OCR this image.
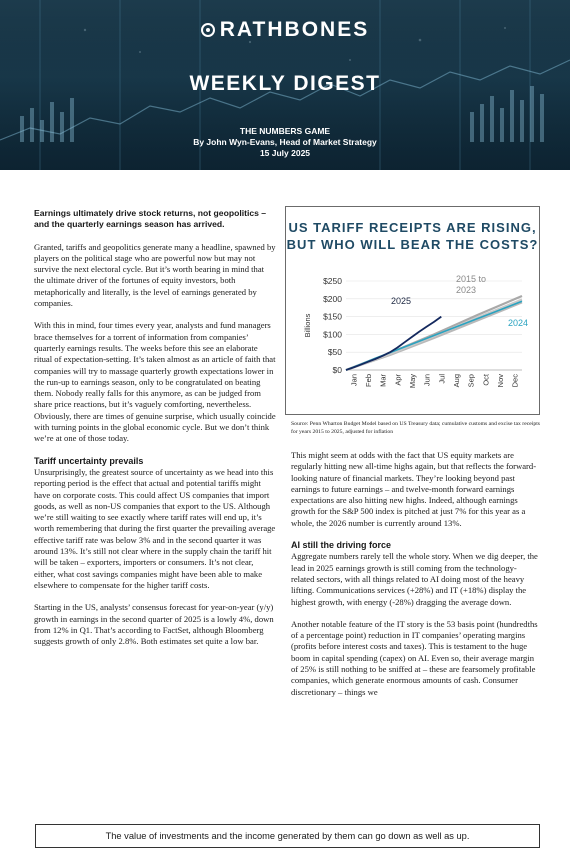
RATHBONES
WEEKLY DIGEST
THE NUMBERS GAME
By John Wyn-Evans, Head of Market Strategy
15 July 2025

Earnings ultimately drive stock returns, not geopolitics – and the quarterly earnings season has arrived.

Granted, tariffs and geopolitics generate many a headline, spawned by players on the political stage who are powerful now but may not survive the next electoral cycle. But it’s worth bearing in mind that the ultimate driver of the fortunes of equity investors, both metaphorically and literally, is the level of earnings generated by companies.

With this in mind, four times every year, analysts and fund managers brace themselves for a torrent of information from companies’ quarterly earnings results. The weeks before this see an elaborate ritual of expectation-setting. It’s taken almost as an article of faith that companies will try to massage quarterly growth expectations lower in the run-up to earnings season, only to be congratulated on beating them. Nobody really falls for this anymore, as can be judged from share price reactions, but it’s vaguely comforting, nevertheless. Obviously, there are times of genuine surprise, which usually coincide with turning points in the global economic cycle. But we don’t think we’re at one of those today.

Tariff uncertainty prevails

Unsurprisingly, the greatest source of uncertainty as we head into this reporting period is the effect that actual and potential tariffs might have on corporate costs. This could affect US companies that import goods, as well as non-US companies that export to the US. Although we’re still waiting to see exactly where tariff rates will end up, it’s worth remembering that during the first quarter the prevailing average effective tariff rate was below 3% and in the second quarter it was around 13%. It’s still not clear where in the supply chain the tariff hit will be taken – exporters, importers or consumers. It’s not clear, either, what cost savings companies might have been able to make elsewhere to compensate for the higher tariff costs.

Starting in the US, analysts’ consensus forecast for year-on-year (y/y) growth in earnings in the second quarter of 2025 is a lowly 4%, down from 12% in Q1. That’s according to FactSet, although Bloomberg suggests growth of only 2.8%. Both estimates set quite a low bar.

US TARIFF RECEIPTS ARE RISING, BUT WHO WILL BEAR THE COSTS?
$0
$50
$100
$150
$200
$250
Jan Feb Mar Apr May Jun Jul Aug Sep Oct Nov Dec
Billions
2015 to
2023
2025
2024
Source: Penn Wharton Budget Model based on US Treasury data; cumulative customs and excise tax receipts for years 2015 to 2025, adjusted for inflation

This might seem at odds with the fact that US equity markets are regularly hitting new all-time highs again, but that reflects the forward-looking nature of financial markets. They’re looking beyond past earnings to future earnings – and twelve-month forward earnings expectations are also hitting new highs. Indeed, although earnings growth for the S&P 500 index is pitched at just 7% for this year as a whole, the 2026 number is currently around 13%.

AI still the driving force

Aggregate numbers rarely tell the whole story. When we dig deeper, the lead in 2025 earnings growth is still coming from the technology-related sectors, with all things related to AI doing most of the heavy lifting. Communications services (+28%) and IT (+18%) display the highest growth, with energy (-28%) dragging the average down.

Another notable feature of the IT story is the 53 basis point (hundredths of a percentage point) reduction in IT companies’ operating margins (profits before interest costs and taxes). This is testament to the huge boom in capital spending (capex) on AI. Even so, their average margin of 25% is still nothing to be sniffed at – these are fearsomely profitable companies, which generate enormous amounts of cash. Consumer discretionary – things we

The value of investments and the income generated by them can go down as well as up.
